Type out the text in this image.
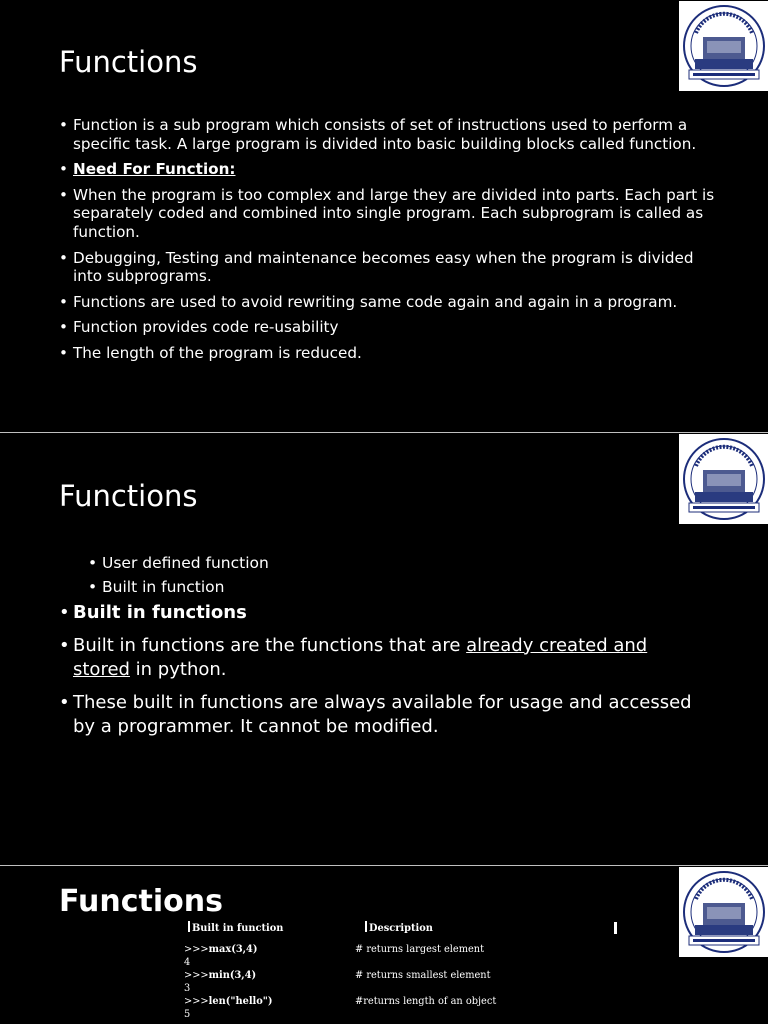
Functions
• Function is a sub program which consists of set of instructions used to perform a specific task. A large program is divided into basic building blocks called function.
• Need For Function:
• When the program is too complex and large they are divided into parts. Each part is separately coded and combined into single program. Each subprogram is called as function.
• Debugging, Testing and maintenance becomes easy when the program is divided into subprograms.
• Functions are used to avoid rewriting same code again and again in a program.
• Function provides code re-usability
• The length of the program is reduced.
Functions
• User defined function
• Built in function
• Built in functions
• Built in functions are the functions that are already created and stored in python.
• These built in functions are always available for usage and accessed by a programmer. It cannot be modified.
Functions
Built in function	Description
>>>max(3,4)	# returns largest element
4
>>>min(3,4)	# returns smallest element
3
>>>len("hello")	#returns length of an object
5
